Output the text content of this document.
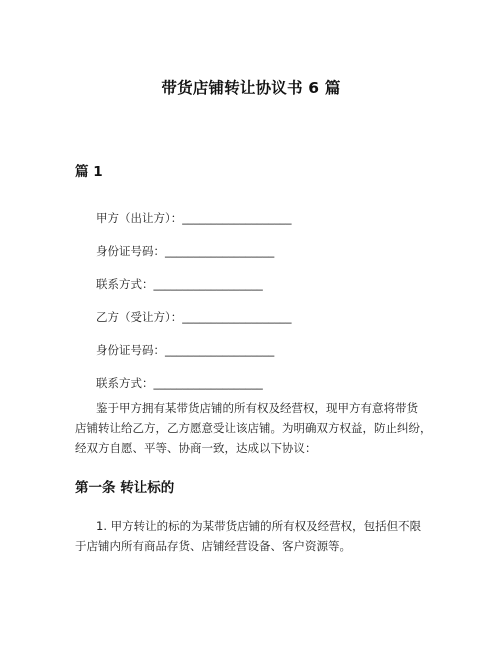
带货店铺转让协议书 6 篇
篇 1
甲方（出让方）：___________________
身份证号码：___________________
联系方式：___________________
乙方（受让方）：___________________
身份证号码：___________________
联系方式：___________________
鉴于甲方拥有某带货店铺的所有权及经营权，现甲方有意将带货
店铺转让给乙方，乙方愿意受让该店铺。为明确双方权益，防止纠纷，
经双方自愿、平等、协商一致，达成以下协议：
第一条 转让标的
1. 甲方转让的标的为某带货店铺的所有权及经营权，包括但不限
于店铺内所有商品存货、店铺经营设备、客户资源等。
